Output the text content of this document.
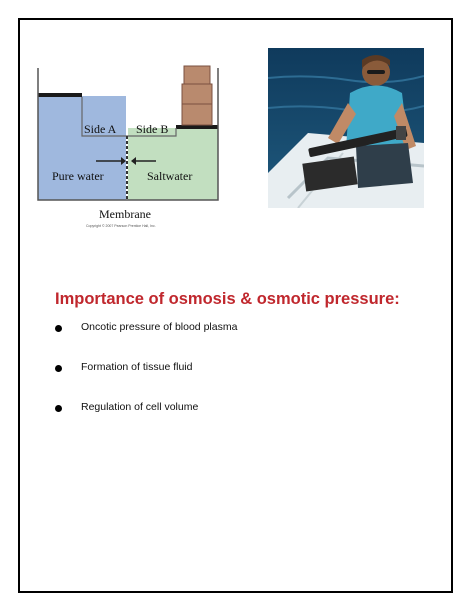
Side A Side B
Pure water	Saltwater
Membrane
Copyright © 2007 Pearson Prentice Hall, Inc.
Importance of osmosis & osmotic pressure:
Oncotic pressure of blood plasma
Formation of tissue fluid
Regulation of cell volume
